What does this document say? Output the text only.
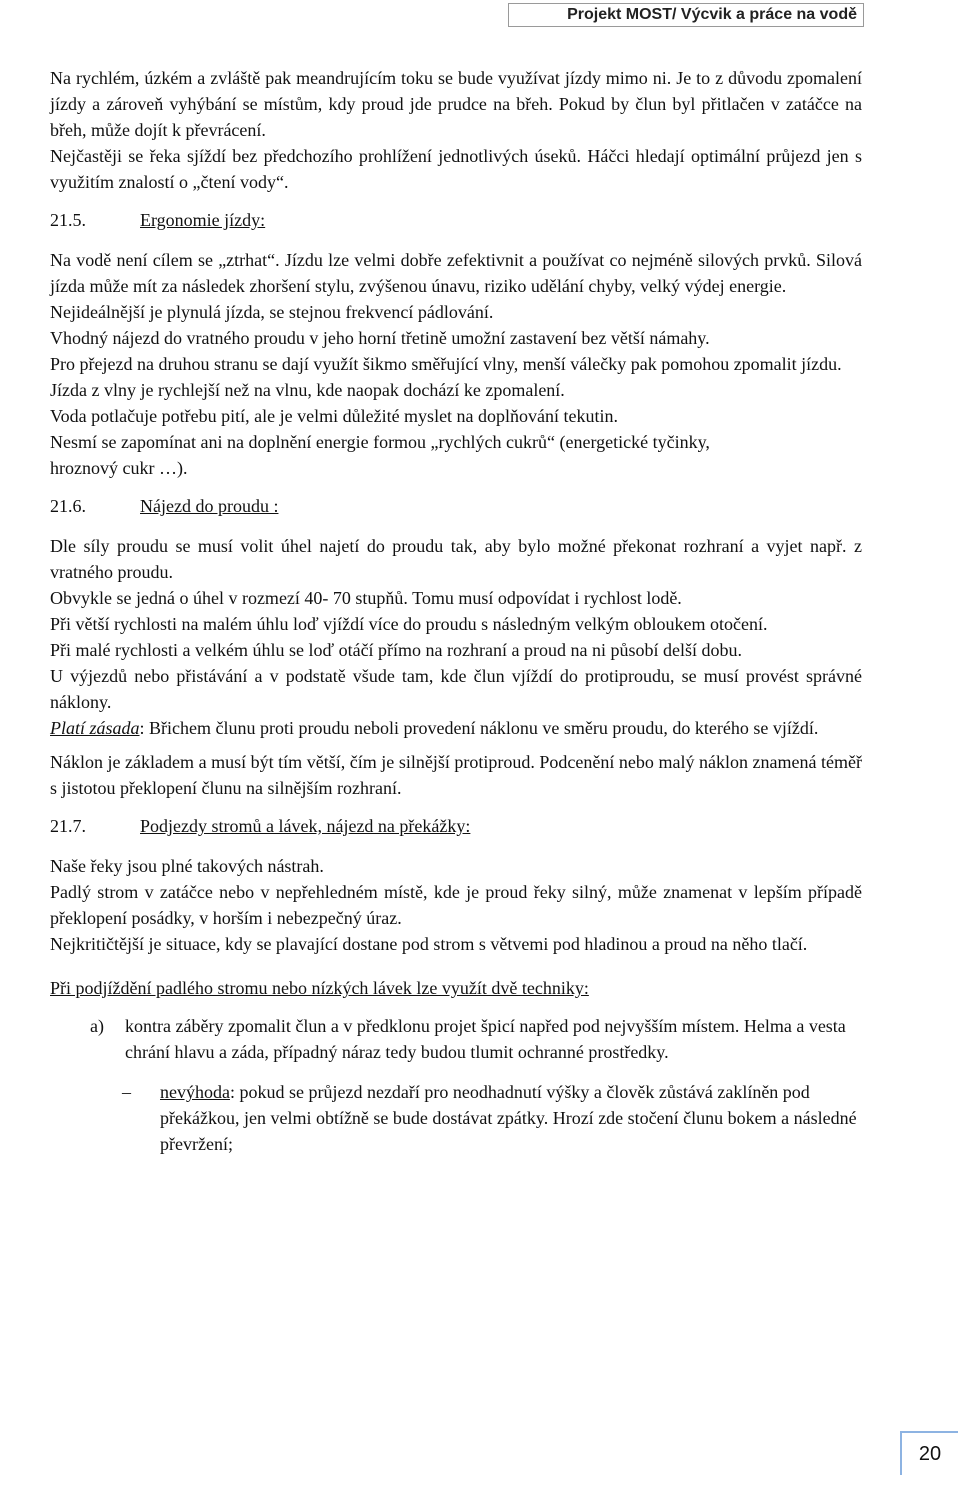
Projekt MOST/ Výcvik a práce na vodě

Na rychlém, úzkém a zvláště pak meandrujícím toku se bude využívat jízdy mimo ni. Je to z důvodu zpomalení jízdy a zároveň vyhýbání se místům, kdy proud jde prudce na břeh. Pokud by člun byl přitlačen v zatáčce na břeh, může dojít k převrácení.

Nejčastěji se řeka sjíždí bez předchozího prohlížení jednotlivých úseků. Háčci hledají optimální průjezd jen s využitím znalostí o „čtení vody“.

21.5.	Ergonomie jízdy:

Na vodě není cílem se „ztrhat“. Jízdu lze velmi dobře zefektivnit a používat co nejméně silových prvků. Silová jízda může mít za následek zhoršení stylu, zvýšenou únavu, riziko udělání chyby, velký výdej energie.

Nejideálnější je plynulá jízda, se stejnou frekvencí pádlování.

Vhodný nájezd do vratného proudu v jeho horní třetině umožní zastavení bez větší námahy.

Pro přejezd na druhou stranu se dají využít šikmo směřující vlny, menší válečky pak pomohou zpomalit jízdu.

Jízda z vlny je rychlejší než na vlnu, kde naopak dochází ke zpomalení.

Voda potlačuje potřebu pití, ale je velmi důležité myslet na doplňování tekutin.

Nesmí se zapomínat ani na doplnění energie formou „rychlých cukrů“ (energetické tyčinky, hroznový cukr …).

21.6.	Nájezd do proudu :

Dle síly proudu se musí volit úhel najetí do proudu tak, aby bylo možné překonat rozhraní a vyjet např. z vratného proudu.

Obvykle se jedná o úhel v rozmezí 40- 70 stupňů. Tomu musí odpovídat i rychlost lodě.

Při větší rychlosti na malém úhlu loď vjíždí více do proudu s následným velkým obloukem otočení.

Při malé rychlosti a velkém úhlu se loď otáčí přímo na rozhraní a proud na ni působí delší dobu.

U výjezdů nebo přistávání a v podstatě všude tam, kde člun vjíždí do protiproudu, se musí provést správné náklony.

Platí zásada: Břichem člunu proti proudu neboli provedení náklonu ve směru proudu, do kterého se vjíždí.

Náklon je základem a musí být tím větší, čím je silnější protiproud. Podcenění nebo malý náklon znamená téměř s jistotou překlopení člunu na silnějším rozhraní.

21.7.	Podjezdy stromů a lávek, nájezd na překážky:

Naše řeky jsou plné takových nástrah.

Padlý strom v zatáčce nebo v nepřehledném místě, kde je proud řeky silný, může znamenat v lepším případě překlopení posádky, v horším i nebezpečný úraz.

Nejkritičtější je situace, kdy se plavající dostane pod strom s větvemi pod hladinou a proud na něho tlačí.

Při podjíždění padlého stromu nebo nízkých lávek lze využít dvě techniky:

a)	kontra záběry zpomalit člun a v předklonu projet špicí napřed pod nejvyšším místem. Helma a vesta chrání hlavu a záda, případný náraz tedy budou tlumit ochranné prostředky.
–	nevýhoda: pokud se průjezd nezdaří pro neodhadnutí výšky a člověk zůstává zaklíněn pod překážkou, jen velmi obtížně se bude dostávat zpátky. Hrozí zde stočení člunu bokem a následné převržení;
20
